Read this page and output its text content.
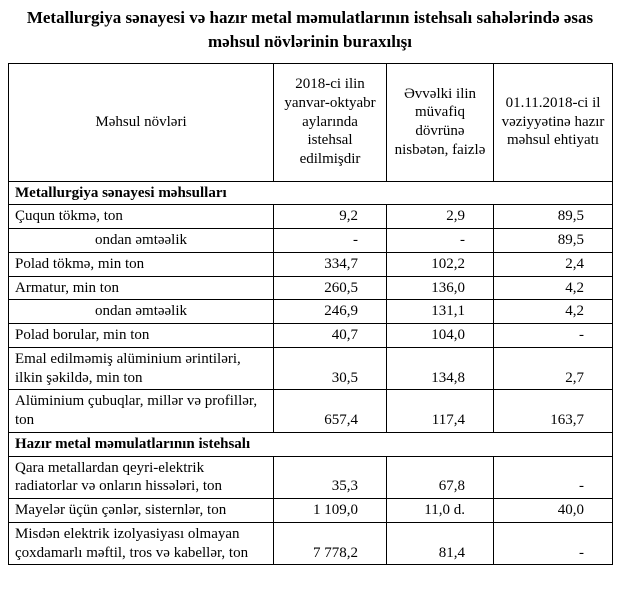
Metallurgiya sənayesi və hazır metal məmulatlarının istehsalı sahələrində əsas məhsul növlərinin buraxılışı
Məhsul növləri	2018-ci ilin yanvar-oktyabr aylarında istehsal edilmişdir	Əvvəlki ilin müvafiq dövrünə nisbətən, faizlə	01.11.2018-ci il vəziyyətinə hazır məhsul ehtiyatı
Metallurgiya sənayesi məhsulları			
Çuqun tökmə, ton	9,2	2,9	89,5
ondan əmtəəlik	-	-	89,5
Polad tökmə, min ton	334,7	102,2	2,4
Armatur, min ton	260,5	136,0	4,2
ondan əmtəəlik	246,9	131,1	4,2
Polad borular, min ton	40,7	104,0	-
Emal edilməmiş alüminium ərintiləri, ilkin şəkildə, min ton	30,5	134,8	2,7
Alüminium çubuqlar, millər və profillər, ton	657,4	117,4	163,7
Hazır metal məmulatlarının istehsalı			
Qara metallardan qeyri-elektrik radiatorlar və onların hissələri, ton	35,3	67,8	-
Mayelər üçün çənlər, sisternlər, ton	1 109,0	11,0 d.	40,0
Misdən elektrik izolyasiyası olmayan çoxdamarlı məftil, tros və kabellər, ton	7 778,2	81,4	-
